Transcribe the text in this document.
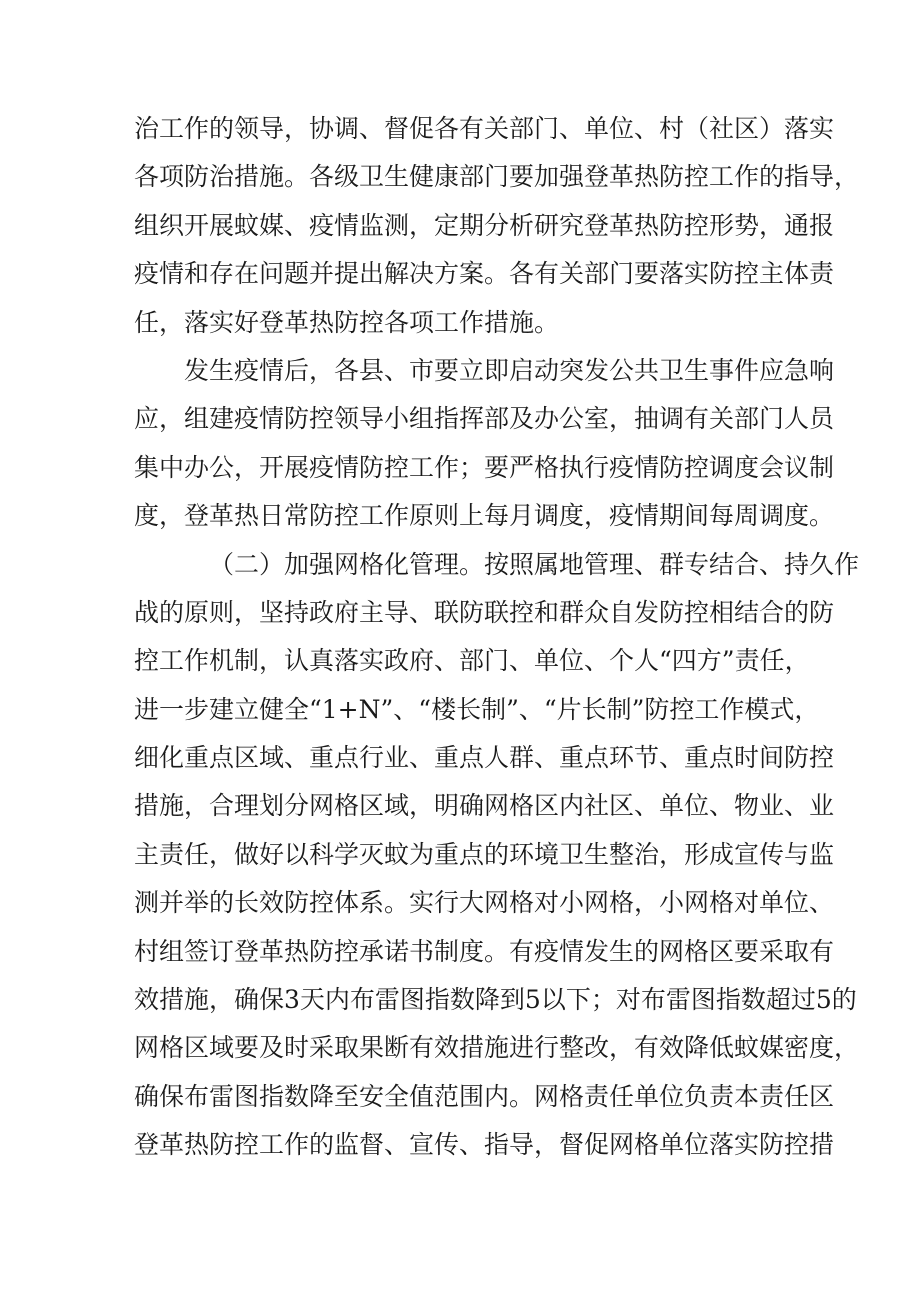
治工作的领导，协调、督促各有关部门、单位、村（社区）落实
各项防治措施。各级卫生健康部门要加强登革热防控工作的指导，
组织开展蚊媒、疫情监测，定期分析研究登革热防控形势，通报
疫情和存在问题并提出解决方案。各有关部门要落实防控主体责
任，落实好登革热防控各项工作措施。
发生疫情后，各县、市要立即启动突发公共卫生事件应急响
应，组建疫情防控领导小组指挥部及办公室，抽调有关部门人员
集中办公，开展疫情防控工作；要严格执行疫情防控调度会议制
度，登革热日常防控工作原则上每月调度，疫情期间每周调度。
（二）加强网格化管理。按照属地管理、群专结合、持久作
战的原则，坚持政府主导、联防联控和群众自发防控相结合的防
控工作机制，认真落实政府、部门、单位、个人“四方”责任，
进一步建立健全“1+N”、“楼长制”、“片长制”防控工作模式，
细化重点区域、重点行业、重点人群、重点环节、重点时间防控
措施，合理划分网格区域，明确网格区内社区、单位、物业、业
主责任，做好以科学灭蚊为重点的环境卫生整治，形成宣传与监
测并举的长效防控体系。实行大网格对小网格，小网格对单位、
村组签订登革热防控承诺书制度。有疫情发生的网格区要采取有
效措施，确保3天内布雷图指数降到5以下；对布雷图指数超过5的
网格区域要及时采取果断有效措施进行整改，有效降低蚊媒密度，
确保布雷图指数降至安全值范围内。网格责任单位负责本责任区
登革热防控工作的监督、宣传、指导，督促网格单位落实防控措
